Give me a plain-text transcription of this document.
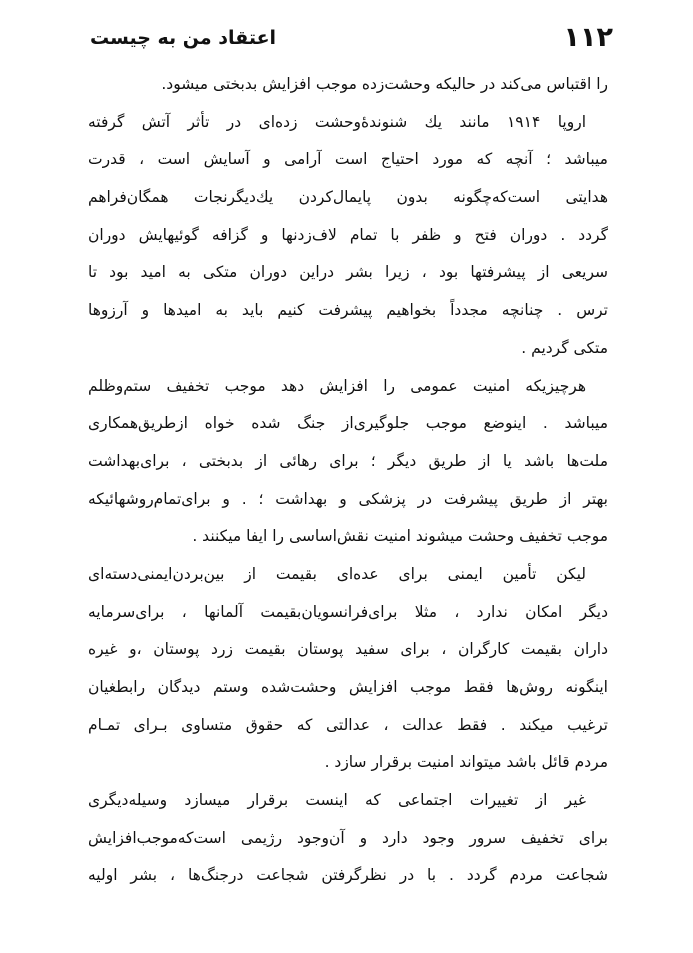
۱۱۲
اعتقاد من به چیست
را اقتباس می‌کند در حالیکه وحشت‌زده موجب افزایش بدبختی میشود.
اروپا ۱۹۱۴ مانند یك شنونده‌ٔوحشت زده‌ای در تأثر آتش گرفته
میباشد ؛ آنچه که مورد احتیاج است آرامی و آسایش است ، قدرت
هدایتی است‌که‌چگونه بدون پایمال‌کردن یك‌دیگرنجات همگان‌فراهم
گردد . دوران فتح و ظفر با تمام لاف‌زدنها و گزافه گوئیهایش دوران
سریعی از پیشرفتها بود ، زیرا بشر دراین دوران متکی به امید بود تا
ترس . چنانچه مجدداً بخواهیم پیشرفت کنیم باید به امیدها و آرزوها
متکی گردیم .
هرچیزیکه امنیت عمومی را افزایش دهد موجب تخفیف ستم‌وظلم
میباشد . اینوضع موجب جلوگیری‌از جنگ شده خواه ازطریق‌همکاری
ملت‌ها باشد یا از طریق دیگر ؛ برای رهائی از بدبختی ، برای‌بهداشت
بهتر از طریق پیشرفت در پزشکی و بهداشت ؛ . و برای‌تمام‌روشهائیکه
موجب تخفیف وحشت میشوند امنیت نقش‌اساسی را ایفا میکنند .
لیکن تأمین ایمنی برای عده‌ای بقیمت از بین‌بردن‌ایمنی‌دسته‌ای
دیگر امکان ندارد ، مثلا برای‌فرانسویان‌بقیمت آلمانها ، برای‌سرمایه
داران بقیمت کارگران ، برای سفید پوستان بقیمت زرد پوستان ،و غیره
اینگونه روش‌ها فقط موجب افزایش وحشت‌شده وستم دیدگان رابطغیان
ترغیب میکند . فقط عدالت ، عدالتی که حقوق متساوی بـرای تمـام
مردم قائل باشد میتواند امنیت برقرار سازد .
غیر از تغییرات اجتماعی که اینست برقرار میسازد وسیله‌دیگری
برای تخفیف سرور وجود دارد و آن‌وجود رژیمی است‌که‌موجب‌افزایش
شجاعت مردم گردد . با در نظرگرفتن شجاعت درجنگ‌ها ، بشر اولیه
